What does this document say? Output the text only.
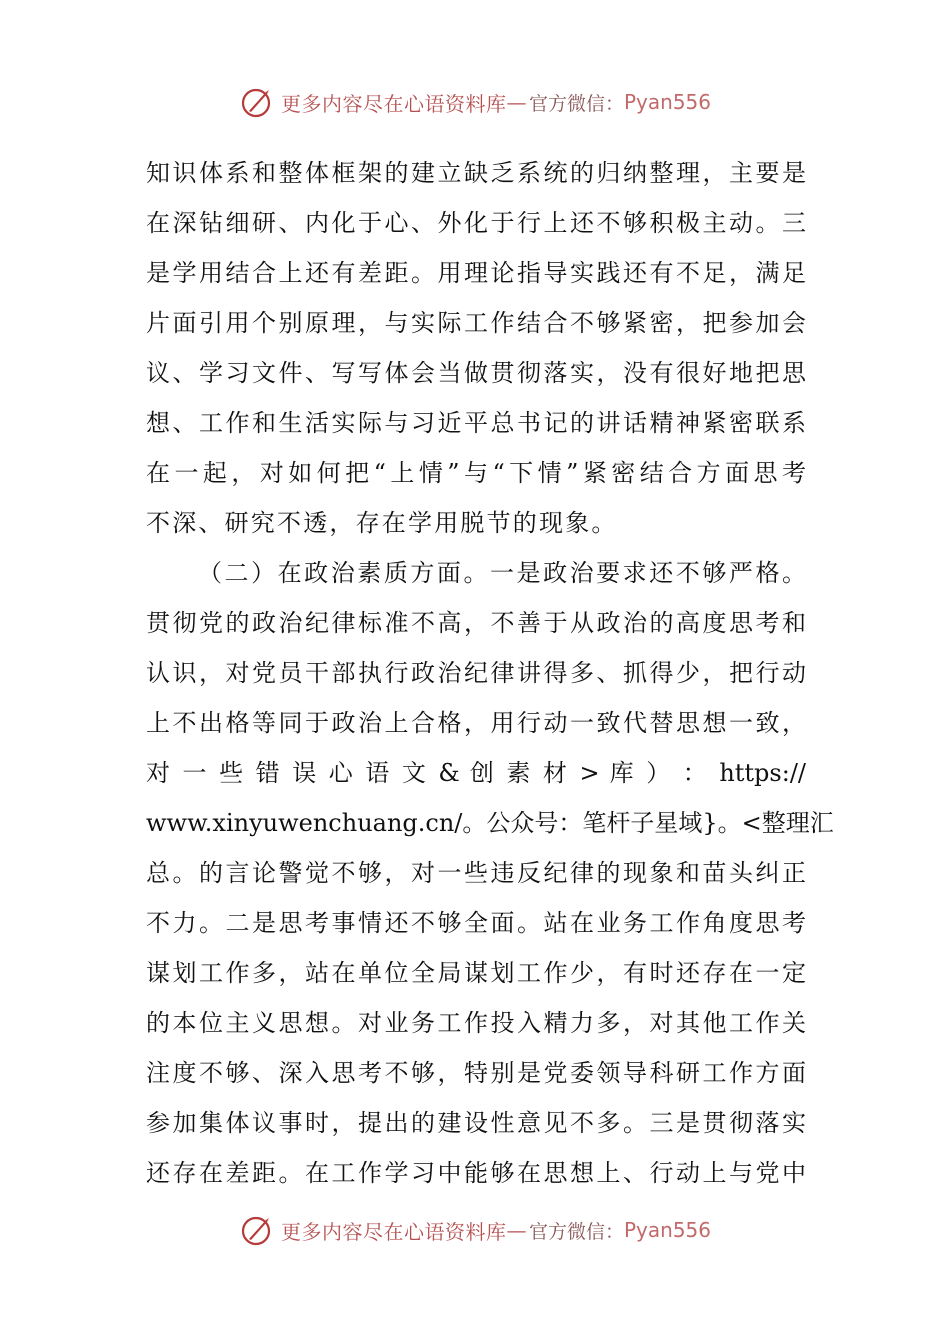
更多内容尽在心语资料库 — 官方微信： Pyan556
知识体系和整体框架的建立缺乏系统的归纳整理，主要是
在深钻细研、内化于心、外化于行上还不够积极主动。三
是学用结合上还有差距。用理论指导实践还有不足，满足
片面引用个别原理，与实际工作结合不够紧密，把参加会
议、学习文件、写写体会当做贯彻落实，没有很好地把思
想、工作和生活实际与习近平总书记的讲话精神紧密联系
在一起，对如何把“上情”与“下情”紧密结合方面思考
不深、研究不透，存在学用脱节的现象。
（二）在政治素质方面。一是政治要求还不够严格。
贯彻党的政治纪律标准不高，不善于从政治的高度思考和
认识，对党员干部执行政治纪律讲得多、抓得少，把行动
上不出格等同于政治上合格，用行动一致代替思想一致，
对 一 些 错 误 心 语 文 & 创 素 材 > 库 ） ： https://
www.xinyuwenchuang.cn/。公众号：笔杆子星域}。<整理汇
总。的言论警觉不够，对一些违反纪律的现象和苗头纠正
不力。二是思考事情还不够全面。站在业务工作角度思考
谋划工作多，站在单位全局谋划工作少，有时还存在一定
的本位主义思想。对业务工作投入精力多，对其他工作关
注度不够、深入思考不够，特别是党委领导科研工作方面
参加集体议事时，提出的建设性意见不多。三是贯彻落实
还存在差距。在工作学习中能够在思想上、行动上与党中
更多内容尽在心语资料库 — 官方微信： Pyan556
